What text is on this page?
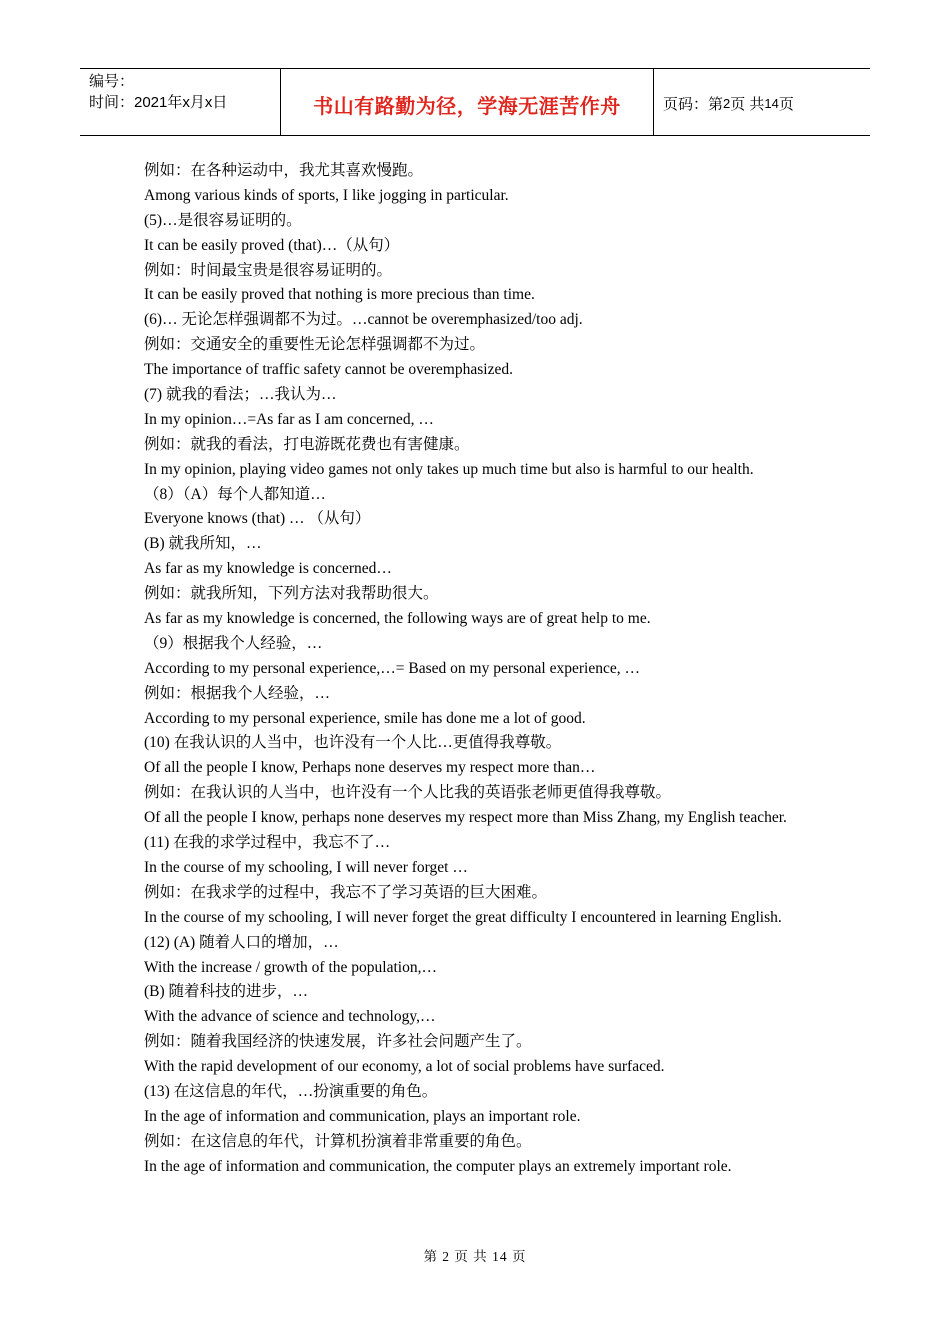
编号：
时间：2021年x月x日	书山有路勤为径，学海无涯苦作舟	页码：第 2 页 共 14 页
例如：在各种运动中，我尤其喜欢慢跑。
Among various kinds of sports, I like jogging in particular.
(5)…是很容易证明的。
It can be easily proved (that)…（从句）
例如：时间最宝贵是很容易证明的。
It can be easily proved that nothing is more precious than time.
(6)… 无论怎样强调都不为过。…cannot be overemphasized/too adj.
例如：交通安全的重要性无论怎样强调都不为过。
The importance of traffic safety cannot be overemphasized.
(7) 就我的看法；…我认为…
In my opinion…=As far as I am concerned, …
例如：就我的看法，打电游既花费也有害健康。
In my opinion, playing video games not only takes up much time but also is harmful to our health.
（8）（A）每个人都知道…
Everyone knows (that) … （从句）
(B) 就我所知，…
As far as my knowledge is concerned…
例如：就我所知，下列方法对我帮助很大。
As far as my knowledge is concerned, the following ways are of great help to me.
（9）根据我个人经验，…
According to my personal experience,…= Based on my personal experience, …
例如：根据我个人经验，…
According to my personal experience, smile has done me a lot of good.
(10) 在我认识的人当中，也许没有一个人比…更值得我尊敬。
Of all the people I know, Perhaps none deserves my respect more than…
例如：在我认识的人当中，也许没有一个人比我的英语张老师更值得我尊敬。
Of all the people I know, perhaps none deserves my respect more than Miss Zhang, my English teacher.
(11) 在我的求学过程中，我忘不了…
In the course of my schooling, I will never forget …
例如：在我求学的过程中，我忘不了学习英语的巨大困难。
In the course of my schooling, I will never forget the great difficulty I encountered in learning English.
(12) (A) 随着人口的增加，…
With the increase / growth of the population,…
(B) 随着科技的进步，…
With the advance of science and technology,…
例如：随着我国经济的快速发展，许多社会问题产生了。
With the rapid development of our economy, a lot of social problems have surfaced.
(13) 在这信息的年代，…扮演重要的角色。
In the age of information and communication, plays an important role.
例如：在这信息的年代，计算机扮演着非常重要的角色。
In the age of information and communication, the computer plays an extremely important role.
第 2 页 共 14 页
